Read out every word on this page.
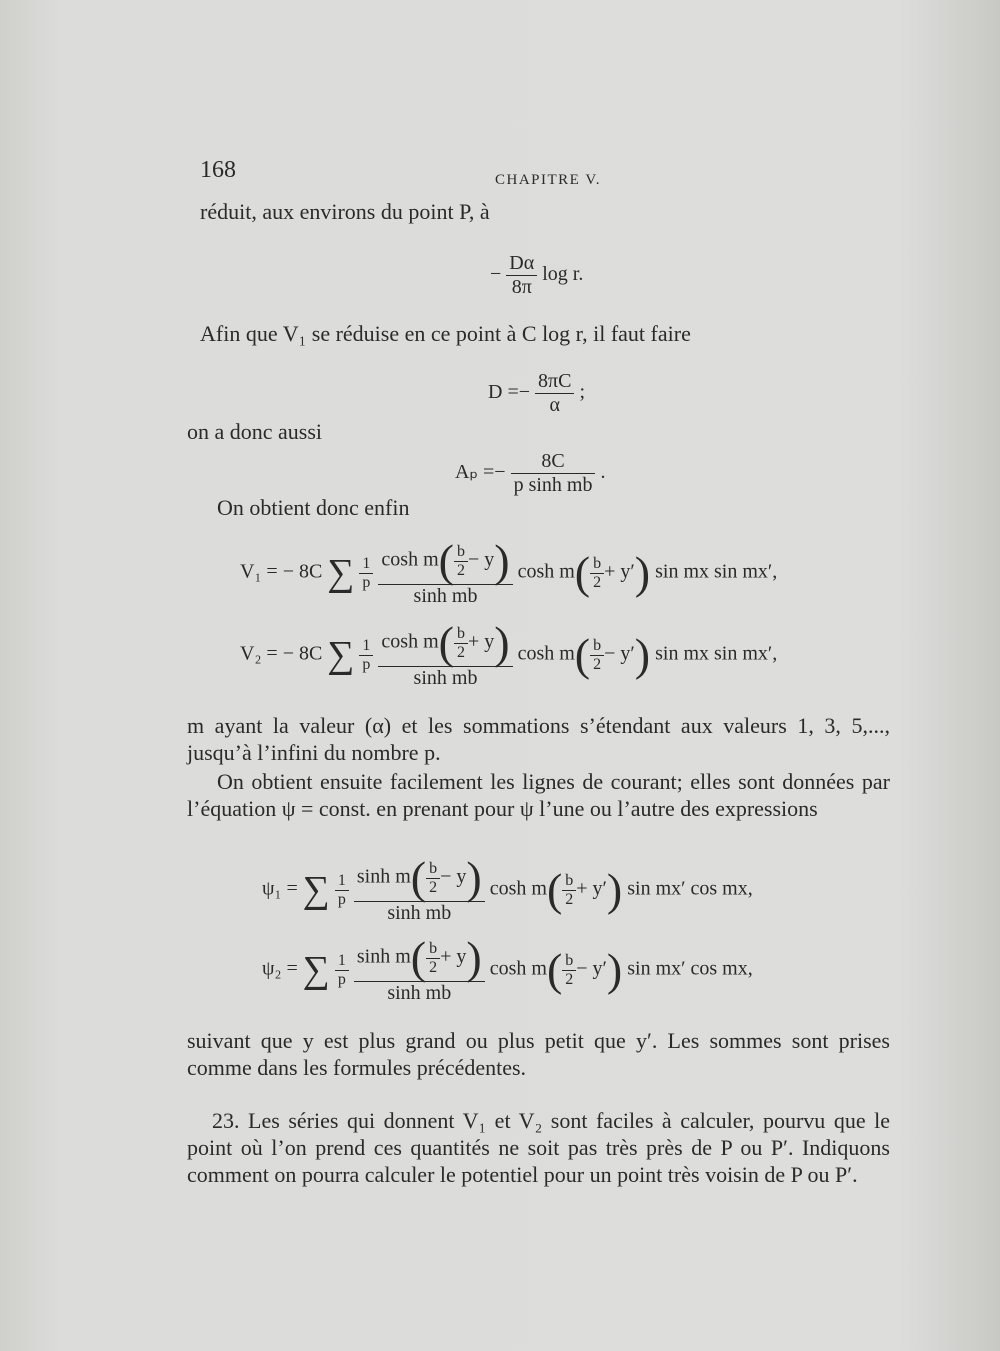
168	CHAPITRE V.
réduit, aux environs du point P, à
− $\frac{D\alpha}{8\pi}$ log r.
Afin que V₁ se réduise en ce point à C log r, il faut faire
$D =- \frac{8\pi C}{\alpha}$ ;
on a donc aussi
$A_p =- \frac{8C}{\text{p sinh mb}}$ .
On obtient donc enfin
V₁ = − 8C ∑ $\frac{1}{p}$
$\frac{\cosh m( \frac{b}{2} - y)}{\text{sinh mb}}$ $\cosh m( \frac{b}{2} + y')$ sin mx sin mx′,
V₂ = − 8C ∑ $\frac{1}{p}$
$\frac{\cosh m( \frac{b}{2} + y)}{\text{sinh mb}}$ $\cosh m( \frac{b}{2} - y')$ sin mx sin mx′,
m ayant la valeur (α) et les sommations s’étendant aux valeurs 1, 3, 5,..., jusqu’à l’infini du nombre p.
On obtient ensuite facilement les lignes de courant; elles sont données par l’équation ψ = const. en prenant pour ψ l’une ou l’autre des expressions
ψ₁ = ∑ $\frac{1}{p}$
$\frac{\sinh m( \frac{b}{2} - y)}{\text{sinh mb}}$ $\cosh m( \frac{b}{2} + y')$ sin mx′ cos mx,
ψ₂ = ∑ $\frac{1}{p}$
$\frac{\sinh m( \frac{b}{2} + y)}{\text{sinh mb}}$ $\cosh m( \frac{b}{2} - y')$ sin mx′ cos mx,
suivant que y est plus grand ou plus petit que y′. Les sommes sont prises comme dans les formules précédentes.
23. Les séries qui donnent V₁ et V₂ sont faciles à calculer, pourvu que le point où l’on prend ces quantités ne soit pas très près de P ou P′. Indiquons comment on pourra calculer le potentiel pour un point très voisin de P ou P′.
